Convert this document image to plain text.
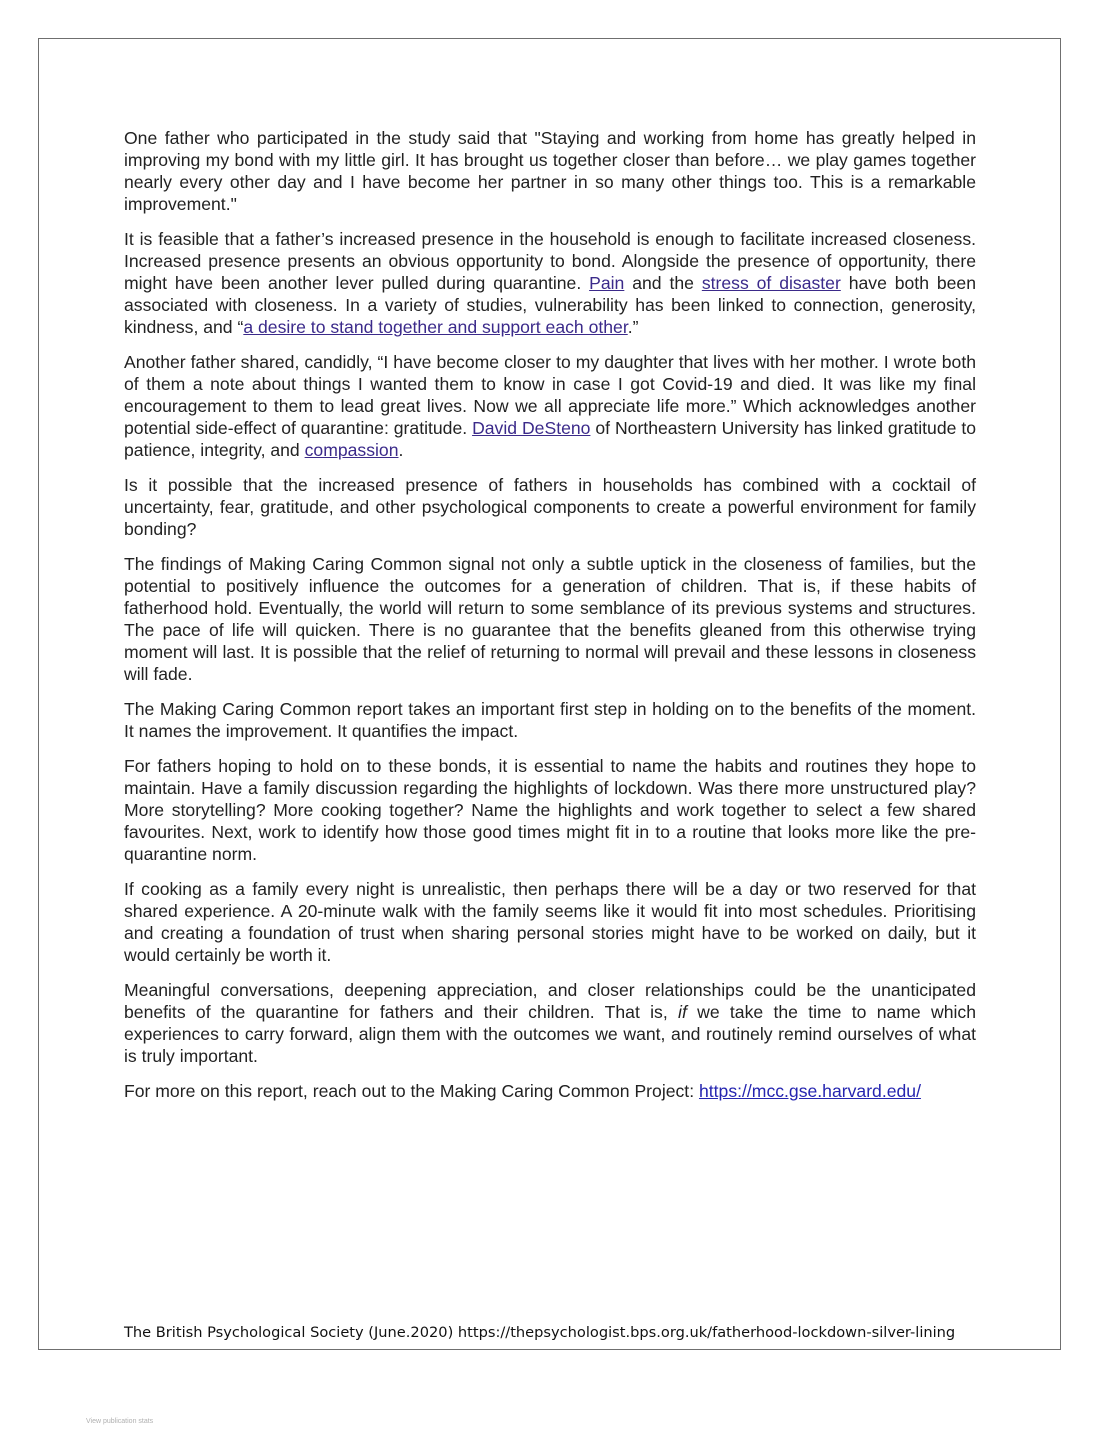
One father who participated in the study said that "Staying and working from home has greatly helped in improving my bond with my little girl. It has brought us together closer than before… we play games together nearly every other day and I have become her partner in so many other things too. This is a remarkable improvement."

It is feasible that a father’s increased presence in the household is enough to facilitate increased closeness. Increased presence presents an obvious opportunity to bond. Alongside the presence of opportunity, there might have been another lever pulled during quarantine. Pain and the stress of disaster have both been associated with closeness. In a variety of studies, vulnerability has been linked to connection, generosity, kindness, and “a desire to stand together and support each other.”

Another father shared, candidly, “I have become closer to my daughter that lives with her mother. I wrote both of them a note about things I wanted them to know in case I got Covid-19 and died. It was like my final encouragement to them to lead great lives. Now we all appreciate life more.” Which acknowledges another potential side-effect of quarantine: gratitude. David DeSteno of Northeastern University has linked gratitude to patience, integrity, and compassion.

Is it possible that the increased presence of fathers in households has combined with a cocktail of uncertainty, fear, gratitude, and other psychological components to create a powerful environment for family bonding?

The findings of Making Caring Common signal not only a subtle uptick in the closeness of families, but the potential to positively influence the outcomes for a generation of children. That is, if these habits of fatherhood hold. Eventually, the world will return to some semblance of its previous systems and structures. The pace of life will quicken. There is no guarantee that the benefits gleaned from this otherwise trying moment will last. It is possible that the relief of returning to normal will prevail and these lessons in closeness will fade.

The Making Caring Common report takes an important first step in holding on to the benefits of the moment. It names the improvement. It quantifies the impact.

For fathers hoping to hold on to these bonds, it is essential to name the habits and routines they hope to maintain. Have a family discussion regarding the highlights of lockdown. Was there more unstructured play? More storytelling? More cooking together? Name the highlights and work together to select a few shared favourites. Next, work to identify how those good times might fit in to a routine that looks more like the pre-quarantine norm.

If cooking as a family every night is unrealistic, then perhaps there will be a day or two reserved for that shared experience. A 20-minute walk with the family seems like it would fit into most schedules. Prioritising and creating a foundation of trust when sharing personal stories might have to be worked on daily, but it would certainly be worth it.

Meaningful conversations, deepening appreciation, and closer relationships could be the unanticipated benefits of the quarantine for fathers and their children. That is, if we take the time to name which experiences to carry forward, align them with the outcomes we want, and routinely remind ourselves of what is truly important.

For more on this report, reach out to the Making Caring Common Project: https://mcc.gse.harvard.edu/

The British Psychological Society (June.2020) https://thepsychologist.bps.org.uk/fatherhood-lockdown-silver-lining
View publication stats
